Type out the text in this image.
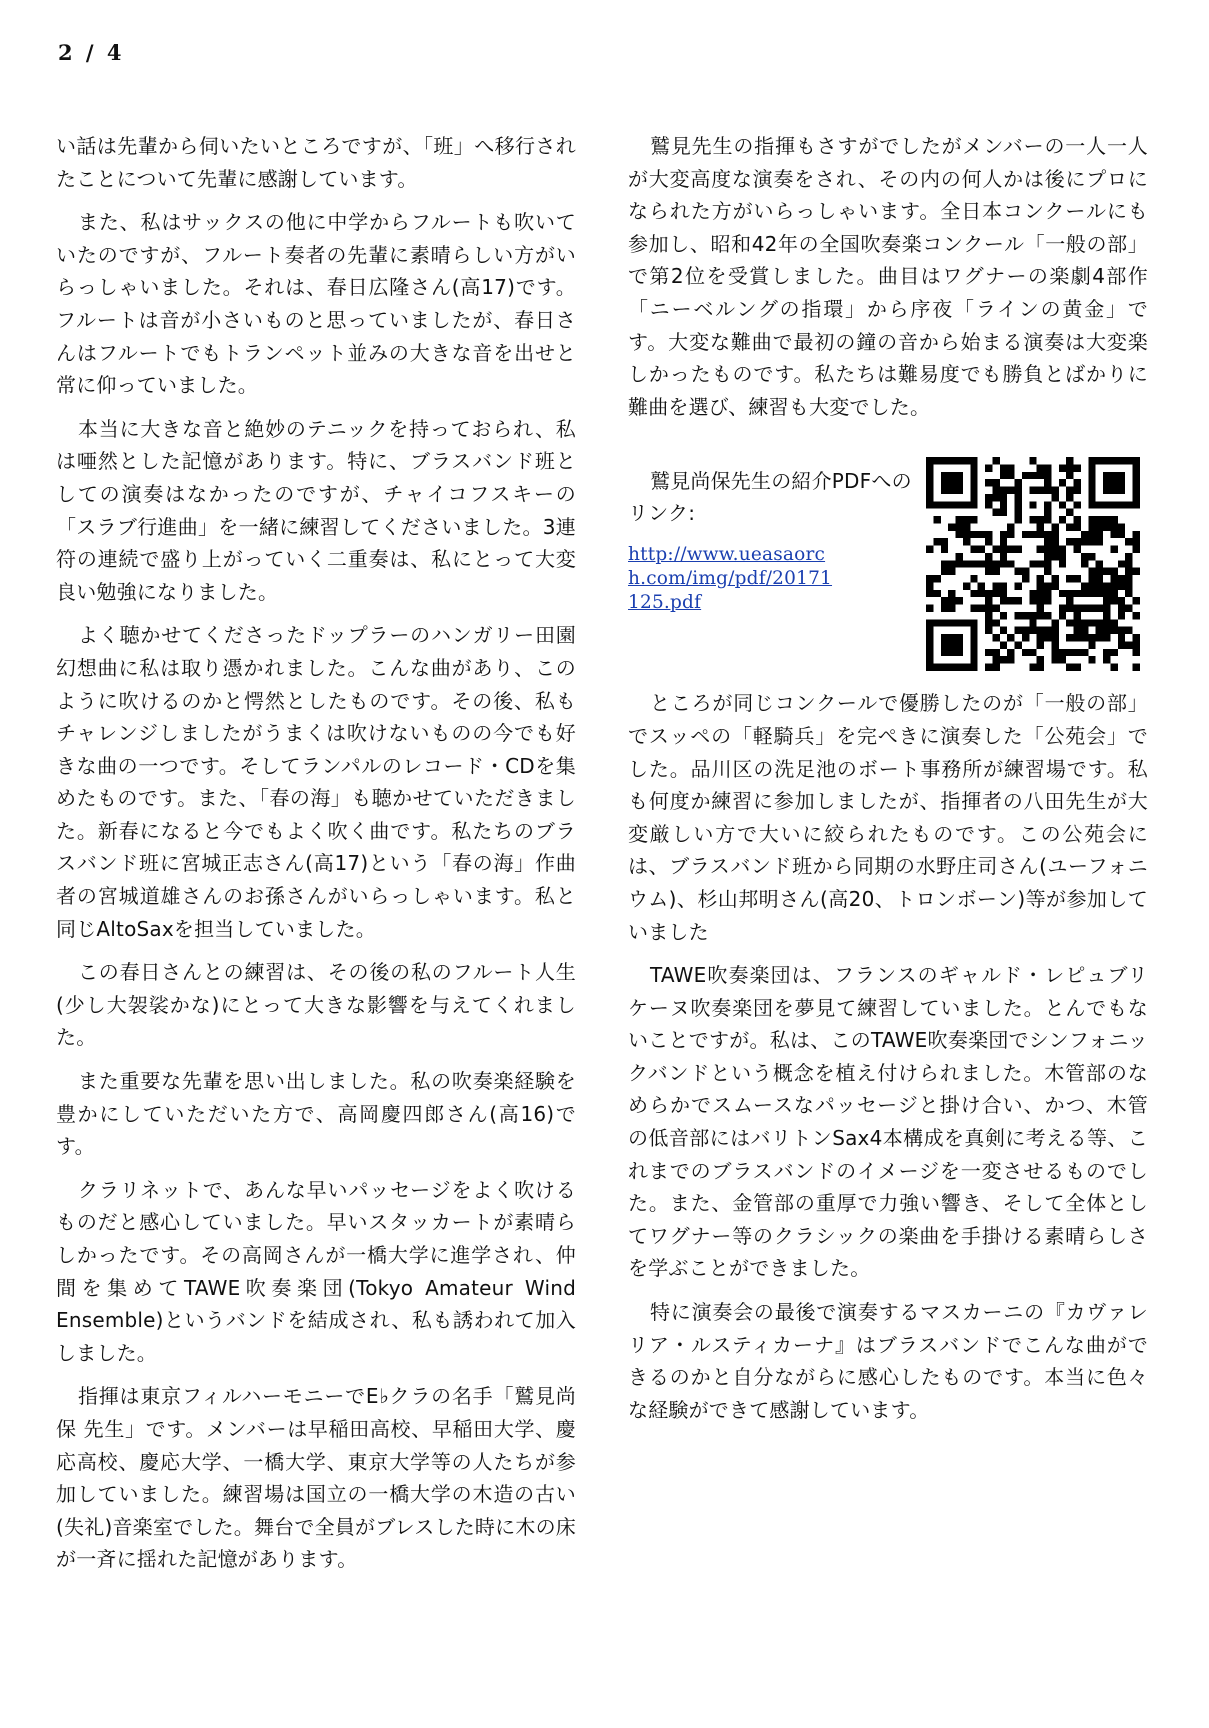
2 / 4

い話は先輩から伺いたいところですが、「班」へ移行されたことについて先輩に感謝しています。

また、私はサックスの他に中学からフルートも吹いていたのですが、フルート奏者の先輩に素晴らしい方がいらっしゃいました。それは、春日広隆さん(高17)です。フルートは音が小さいものと思っていましたが、春日さんはフルートでもトランペット並みの大きな音を出せと常に仰っていました。

本当に大きな音と絶妙のテニックを持っておられ、私は唖然とした記憶があります。特に、ブラスバンド班としての演奏はなかったのですが、チャイコフスキーの「スラブ行進曲」を一緒に練習してくださいました。3連符の連続で盛り上がっていく二重奏は、私にとって大変良い勉強になりました。

よく聴かせてくださったドップラーのハンガリー田園幻想曲に私は取り憑かれました。こんな曲があり、このように吹けるのかと愕然としたものです。その後、私もチャレンジしましたがうまくは吹けないものの今でも好きな曲の一つです。そしてランパルのレコード・CDを集めたものです。また、「春の海」も聴かせていただきました。新春になると今でもよく吹く曲です。私たちのブラスバンド班に宮城正志さん(高17)という「春の海」作曲者の宮城道雄さんのお孫さんがいらっしゃいます。私と同じAltoSaxを担当していました。

この春日さんとの練習は、その後の私のフルート人生(少し大袈裟かな)にとって大きな影響を与えてくれました。

また重要な先輩を思い出しました。私の吹奏楽経験を豊かにしていただいた方で、高岡慶四郎さん(高16)です。

クラリネットで、あんな早いパッセージをよく吹けるものだと感心していました。早いスタッカートが素晴らしかったです。その高岡さんが一橋大学に進学され、仲間を集めてTAWE吹奏楽団(Tokyo Amateur Wind Ensemble)というバンドを結成され、私も誘われて加入しました。

指揮は東京フィルハーモニーでE♭クラの名手「鷲見尚保 先生」です。メンバーは早稲田高校、早稲田大学、慶応高校、慶応大学、一橋大学、東京大学等の人たちが参加していました。練習場は国立の一橋大学の木造の古い(失礼)音楽室でした。舞台で全員がブレスした時に木の床が一斉に揺れた記憶があります。

鷲見先生の指揮もさすがでしたがメンバーの一人一人が大変高度な演奏をされ、その内の何人かは後にプロになられた方がいらっしゃいます。全日本コンクールにも参加し、昭和42年の全国吹奏楽コンクール「一般の部」で第2位を受賞しました。曲目はワグナーの楽劇4部作「ニーベルングの指環」から序夜「ラインの黄金」です。大変な難曲で最初の鐘の音から始まる演奏は大変楽しかったものです。私たちは難易度でも勝負とばかりに難曲を選び、練習も大変でした。

鷲見尚保先生の紹介PDFへのリンク:
http://www.ueasaorch.com/img/pdf/20171125.pdf

ところが同じコンクールで優勝したのが「一般の部」でスッペの「軽騎兵」を完ぺきに演奏した「公苑会」でした。品川区の洗足池のボート事務所が練習場です。私も何度か練習に参加しましたが、指揮者の八田先生が大変厳しい方で大いに絞られたものです。この公苑会には、ブラスバンド班から同期の水野庄司さん(ユーフォニウム)、杉山邦明さん(高20、トロンボーン)等が参加していました

TAWE吹奏楽団は、フランスのギャルド・レピュブリケーヌ吹奏楽団を夢見て練習していました。とんでもないことですが。私は、このTAWE吹奏楽団でシンフォニックバンドという概念を植え付けられました。木管部のなめらかでスムースなパッセージと掛け合い、かつ、木管の低音部にはバリトンSax4本構成を真剣に考える等、これまでのブラスバンドのイメージを一変させるものでした。また、金管部の重厚で力強い響き、そして全体としてワグナー等のクラシックの楽曲を手掛ける素晴らしさを学ぶことができました。

特に演奏会の最後で演奏するマスカーニの『カヴァレリア・ルスティカーナ』はブラスバンドでこんな曲ができるのかと自分ながらに感心したものです。本当に色々な経験ができて感謝しています。
